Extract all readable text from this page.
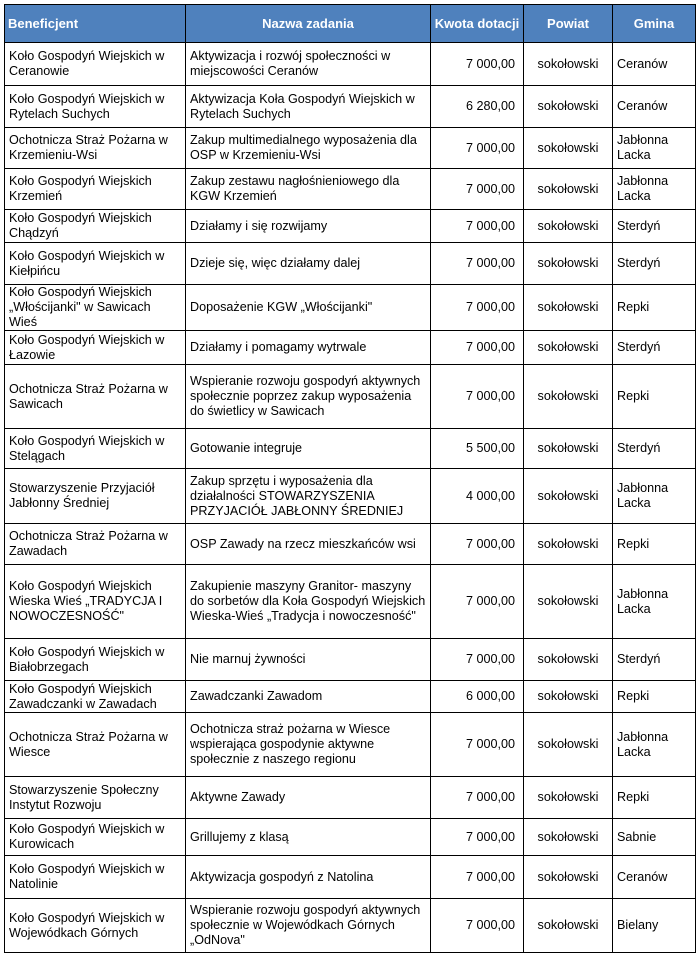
Beneficjent	Nazwa zadania	Kwota dotacji	Powiat	Gmina
Koło Gospodyń Wiejskich w Ceranowie	Aktywizacja i rozwój społeczności w miejscowości Ceranów	7 000,00	sokołowski	Ceranów
Koło Gospodyń Wiejskich w Rytelach Suchych	Aktywizacja Koła Gospodyń Wiejskich w Rytelach Suchych	6 280,00	sokołowski	Ceranów
Ochotnicza Straż Pożarna w Krzemieniu-Wsi	Zakup multimedialnego wyposażenia dla OSP w Krzemieniu-Wsi	7 000,00	sokołowski	Jabłonna Lacka
Koło Gospodyń Wiejskich Krzemień	Zakup zestawu nagłośnieniowego dla KGW Krzemień	7 000,00	sokołowski	Jabłonna Lacka
Koło Gospodyń Wiejskich Chądzyń	Działamy i się rozwijamy	7 000,00	sokołowski	Sterdyń
Koło Gospodyń Wiejskich w Kiełpińcu	Dzieje się, więc działamy dalej	7 000,00	sokołowski	Sterdyń
Koło Gospodyń Wiejskich „Włościjanki" w Sawicach Wieś	Doposażenie KGW „Włościjanki"	7 000,00	sokołowski	Repki
Koło Gospodyń Wiejskich w Łazowie	Działamy i pomagamy wytrwale	7 000,00	sokołowski	Sterdyń
Ochotnicza Straż Pożarna w Sawicach	Wspieranie rozwoju gospodyń aktywnych społecznie poprzez zakup wyposażenia do świetlicy w Sawicach	7 000,00	sokołowski	Repki
Koło Gospodyń Wiejskich w Stelągach	Gotowanie integruje	5 500,00	sokołowski	Sterdyń
Stowarzyszenie Przyjaciół Jabłonny Średniej	Zakup sprzętu i wyposażenia dla działalności STOWARZYSZENIA PRZYJACIÓŁ JABŁONNY ŚREDNIEJ	4 000,00	sokołowski	Jabłonna Lacka
Ochotnicza Straż Pożarna w Zawadach	OSP Zawady na rzecz mieszkańców wsi	7 000,00	sokołowski	Repki
Koło Gospodyń Wiejskich Wieska Wieś „TRADYCJA I NOWOCZESNOŚĆ"	Zakupienie maszyny Granitor- maszyny do sorbetów dla Koła Gospodyń Wiejskich Wieska-Wieś „Tradycja i nowoczesność"	7 000,00	sokołowski	Jabłonna Lacka
Koło Gospodyń Wiejskich w Białobrzegach	Nie marnuj żywności	7 000,00	sokołowski	Sterdyń
Koło Gospodyń Wiejskich Zawadczanki w Zawadach	Zawadczanki Zawadom	6 000,00	sokołowski	Repki
Ochotnicza Straż Pożarna w Wiesce	Ochotnicza straż pożarna w Wiesce wspierająca gospodynie aktywne społecznie z naszego regionu	7 000,00	sokołowski	Jabłonna Lacka
Stowarzyszenie Społeczny Instytut Rozwoju	Aktywne Zawady	7 000,00	sokołowski	Repki
Koło Gospodyń Wiejskich w Kurowicach	Grillujemy z klasą	7 000,00	sokołowski	Sabnie
Koło Gospodyń Wiejskich w Natolinie	Aktywizacja gospodyń z Natolina	7 000,00	sokołowski	Ceranów
Koło Gospodyń Wiejskich w Wojewódkach Górnych	Wspieranie rozwoju gospodyń aktywnych społecznie w Wojewódkach Górnych „OdNova"	7 000,00	sokołowski	Bielany
